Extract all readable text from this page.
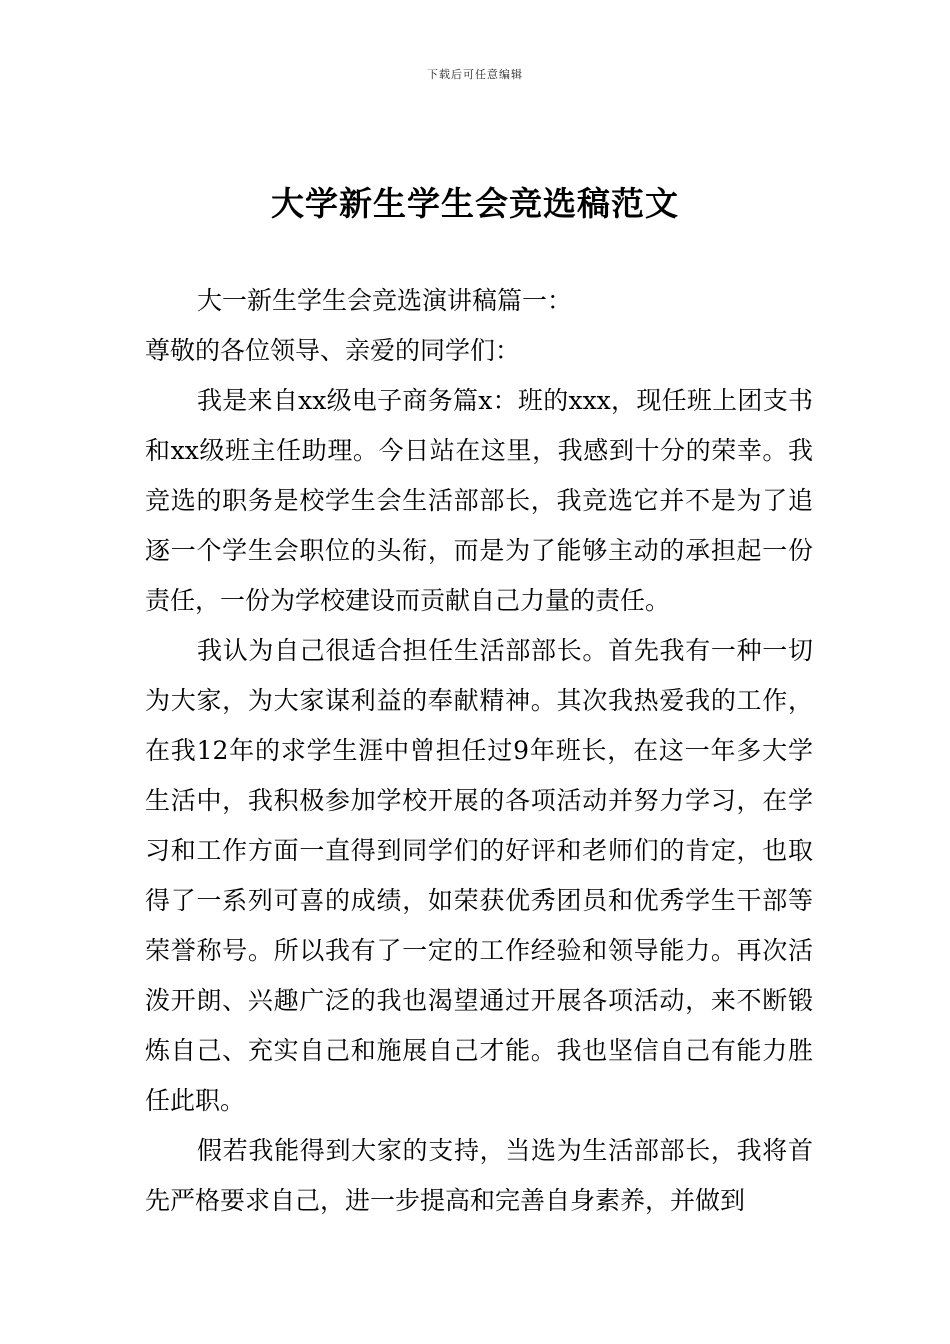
下载后可任意编辑
大学新生学生会竞选稿范文

大一新生学生会竞选演讲稿篇一：

尊敬的各位领导、亲爱的同学们：

我是来自xx级电子商务篇x：班的xxx，现任班上团支书和xx级班主任助理。今日站在这里，我感到十分的荣幸。我竞选的职务是校学生会生活部部长，我竞选它并不是为了追逐一个学生会职位的头衔，而是为了能够主动的承担起一份责任，一份为学校建设而贡献自己力量的责任。

我认为自己很适合担任生活部部长。首先我有一种一切为大家，为大家谋利益的奉献精神。其次我热爱我的工作，在我12年的求学生涯中曾担任过9年班长，在这一年多大学生活中，我积极参加学校开展的各项活动并努力学习，在学习和工作方面一直得到同学们的好评和老师们的肯定，也取得了一系列可喜的成绩，如荣获优秀团员和优秀学生干部等荣誉称号。所以我有了一定的工作经验和领导能力。再次活泼开朗、兴趣广泛的我也渴望通过开展各项活动，来不断锻炼自己、充实自己和施展自己才能。我也坚信自己有能力胜任此职。

假若我能得到大家的支持，当选为生活部部长，我将首先严格要求自己，进一步提高和完善自身素养，并做到
